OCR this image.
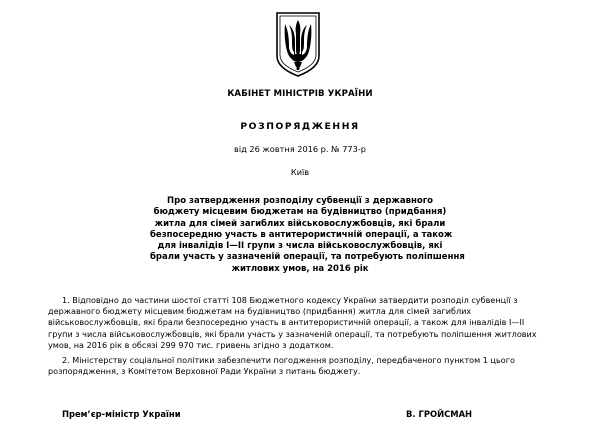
КАБІНЕТ МІНІСТРІВ УКРАЇНИ
РОЗПОРЯДЖЕННЯ
від 26 жовтня 2016 р. № 773-р
Київ
Про затвердження розподілу субвенції з державного
бюджету місцевим бюджетам на будівництво (придбання)
житла для сімей загиблих військовослужбовців, які брали
безпосередню участь в антитерористичній операції, а також
для інвалідів I—II групи з числа військовослужбовців, які
брали участь у зазначеній операції, та потребують поліпшення
житлових умов, на 2016 рік
1. Відповідно до частини шостої статті 108 Бюджетного кодексу України затвердити розподіл субвенції з
державного бюджету місцевим бюджетам на будівництво (придбання) житла для сімей загиблих
військовослужбовців, які брали безпосередню участь в антитерористичній операції, а також для інвалідів I—II
групи з числа військовослужбовців, які брали участь у зазначеній операції, та потребують поліпшення житлових
умов, на 2016 рік в обсязі 299 970 тис. гривень згідно з додатком.
2. Міністерству соціальної політики забезпечити погодження розподілу, передбаченого пунктом 1 цього
розпорядження, з Комітетом Верховної Ради України з питань бюджету.
Прем’єр-міністр України	В. ГРОЙСМАН
